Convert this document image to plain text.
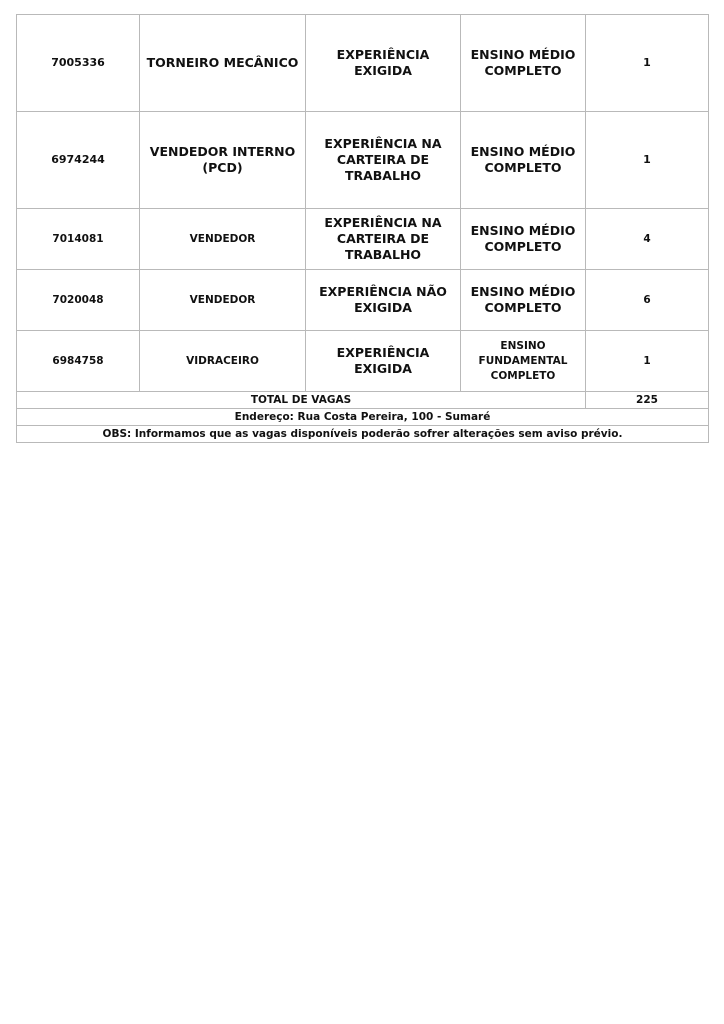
7005336	TORNEIRO MECÂNICO	EXPERIÊNCIA EXIGIDA	ENSINO MÉDIO COMPLETO	1
6974244	VENDEDOR INTERNO (PCD)	EXPERIÊNCIA NA CARTEIRA DE TRABALHO	ENSINO MÉDIO COMPLETO	1
7014081	VENDEDOR	EXPERIÊNCIA NA CARTEIRA DE TRABALHO	ENSINO MÉDIO COMPLETO	4
7020048	VENDEDOR	EXPERIÊNCIA NÃO EXIGIDA	ENSINO MÉDIO COMPLETO	6
6984758	VIDRACEIRO	EXPERIÊNCIA EXIGIDA	ENSINO FUNDAMENTAL COMPLETO	1
TOTAL DE VAGAS				225
Endereço: Rua Costa Pereira, 100 - Sumaré				
OBS: Informamos que as vagas disponíveis poderão sofrer alterações sem aviso prévio.				
